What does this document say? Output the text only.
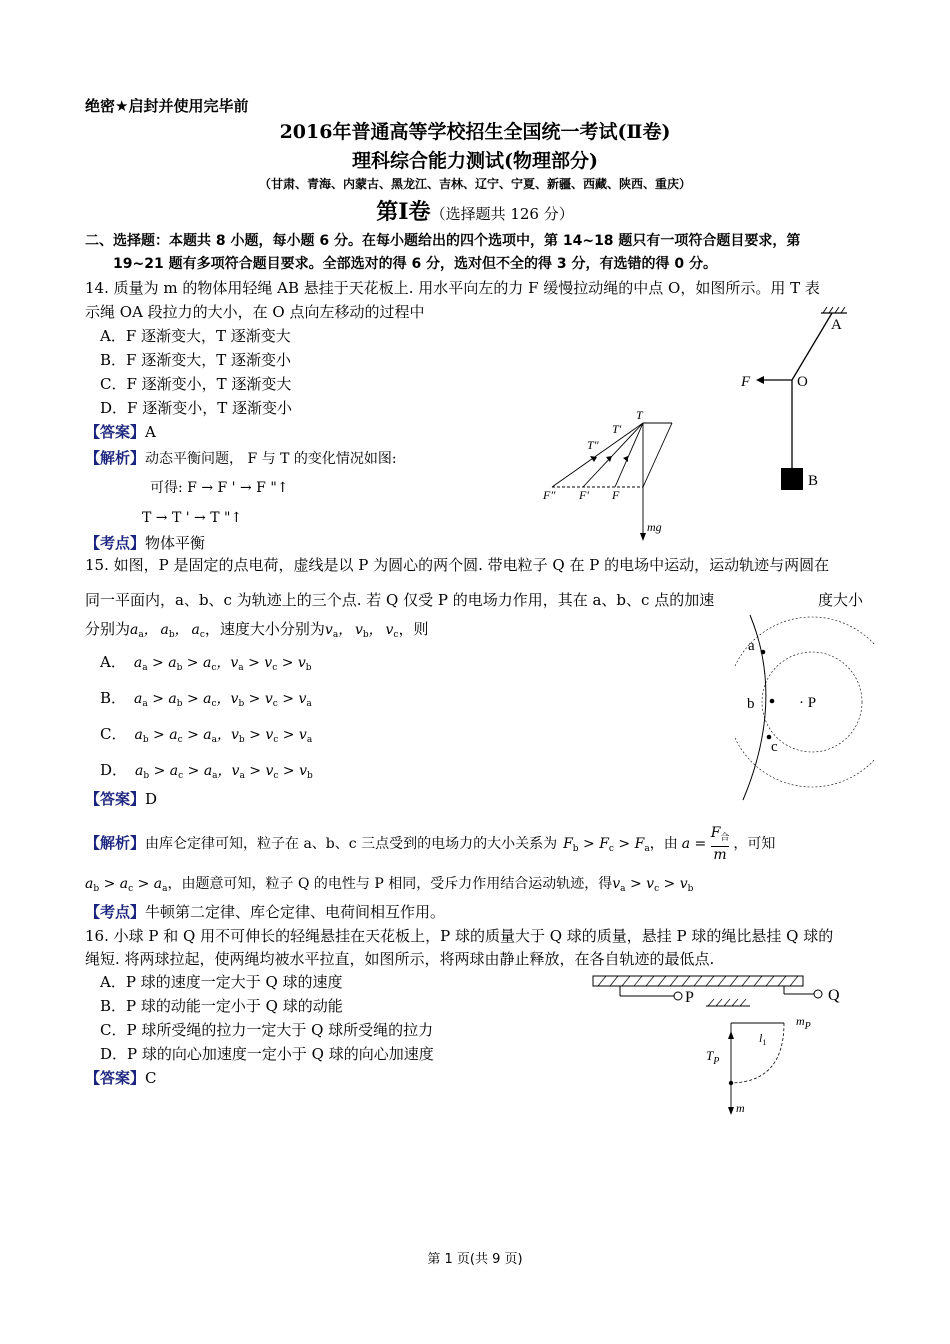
绝密★启封并使用完毕前
2016年普通高等学校招生全国统一考试(Ⅱ卷)
理科综合能力测试(物理部分)
（甘肃、青海、内蒙古、黑龙江、吉林、辽宁、宁夏、新疆、西藏、陕西、重庆）
第Ⅰ卷（选择题共 126 分）
二、选择题：本题共 8 小题，每小题 6 分。在每小题给出的四个选项中，第 14~18 题只有一项符合题目要求，第
19~21 题有多项符合题目要求。全部选对的得 6 分，选对但不全的得 3 分，有选错的得 0 分。
14. 质量为 m 的物体用轻绳 AB 悬挂于天花板上. 用水平向左的力 F 缓慢拉动绳的中点 O，如图所示。用 T 表
示绳 OA 段拉力的大小，在 O 点向左移动的过程中
A．F 逐渐变大，T 逐渐变大
B．F 逐渐变大，T 逐渐变小
C．F 逐渐变小，T 逐渐变大
D．F 逐渐变小，T 逐渐变小
【答案】A
【解析】动态平衡问题， F 与 T 的变化情况如图:
可得: F → F ' → F "↑
T → T ' → T "↑
【考点】物体平衡
A
O
F
B
T
T′
T″
F″ F′ F
mg
15. 如图，P 是固定的点电荷，虚线是以 P 为圆心的两个圆. 带电粒子 Q 在 P 的电场中运动，运动轨迹与两圆在
同一平面内，a、b、c 为轨迹上的三个点. 若 Q 仅受 P 的电场力作用，其在 a、b、c 点的加速	度大小
分别为$a_a$， $a_b$， $a_c$，速度大小分别为$v_a$， $v_b$， $v_c$，则
A． $a_a > a_b > a_c$，$v_a > v_c > v_b$
B． $a_a > a_b > a_c$，$v_b > v_c > v_a$
C． $a_b > a_c > a_a$，$v_b > v_c > v_a$
D． $a_b > a_c > a_a$，$v_a > v_c > v_b$
【答案】D
【解析】由库仑定律可知，粒子在 a、b、c 三点受到的电场力的大小关系为 $F_b > F_c > F_a$，由 a =
$F_合$
m
，可知
$a_b > a_c > a_a$，由题意可知，粒子 Q 的电性与 P 相同，受斥力作用结合运动轨迹，得$v_a > v_c > v_b$
【考点】牛顿第二定律、库仑定律、电荷间相互作用。
a
b
c
· P
16. 小球 P 和 Q 用不可伸长的轻绳悬挂在天花板上，P 球的质量大于 Q 球的质量，悬挂 P 球的绳比悬挂 Q 球的
绳短. 将两球拉起，使两绳均被水平拉直，如图所示，将两球由静止释放，在各自轨迹的最低点.
A．P 球的速度一定大于 Q 球的速度
B．P 球的动能一定小于 Q 球的动能
C．P 球所受绳的拉力一定大于 Q 球所受绳的拉力
D．P 球的向心加速度一定小于 Q 球的向心加速度
【答案】C
P	Q
$l_1$
$m_P$
$T_P$
m
第 1 页(共 9 页)
